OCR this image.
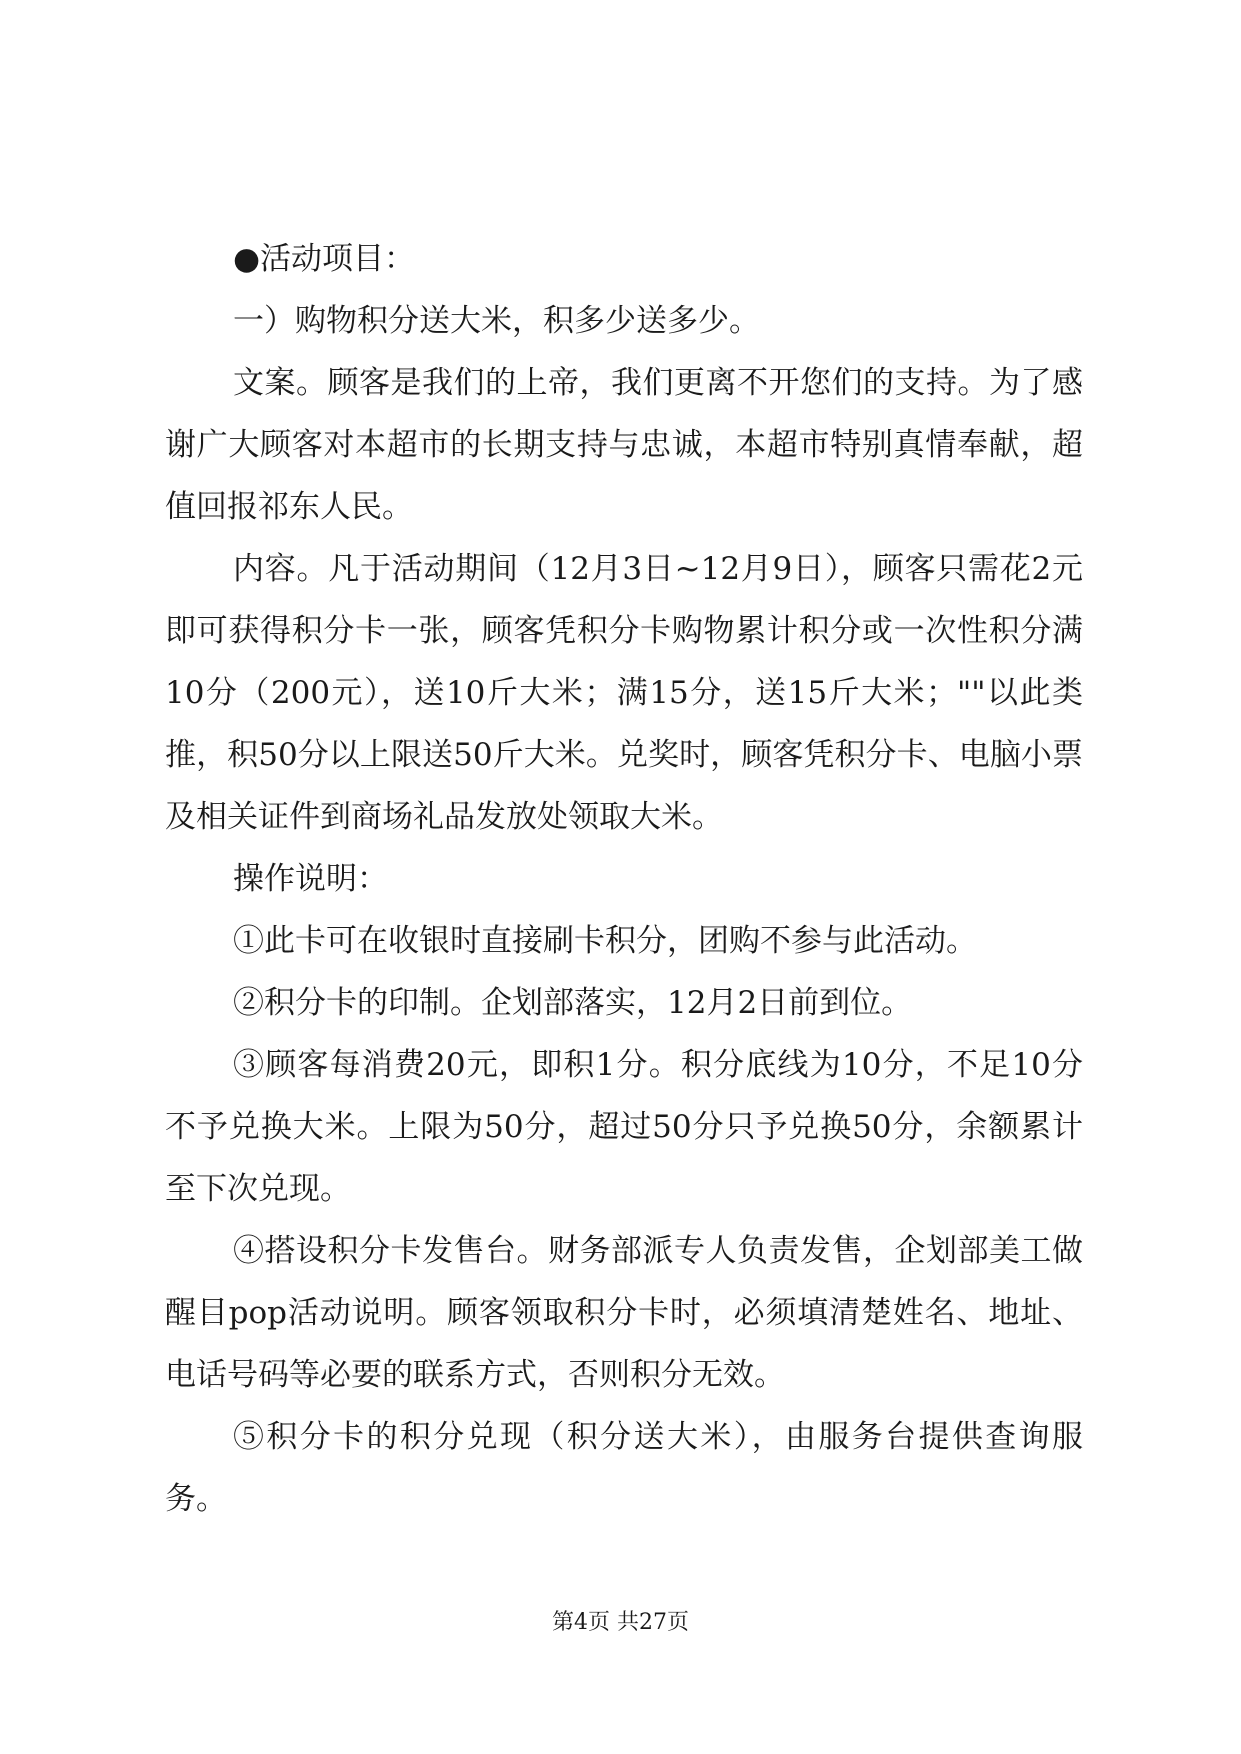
●活动项目：

一）购物积分送大米，积多少送多少。

文案。顾客是我们的上帝，我们更离不开您们的支持。为了感谢广大顾客对本超市的长期支持与忠诚，本超市特别真情奉献，超值回报祁东人民。

内容。凡于活动期间（12月3日~12月9日），顾客只需花2元即可获得积分卡一张，顾客凭积分卡购物累计积分或一次性积分满10分（200元），送10斤大米；满15分，送15斤大米；""以此类推，积50分以上限送50斤大米。兑奖时，顾客凭积分卡、电脑小票及相关证件到商场礼品发放处领取大米。

操作说明：

①此卡可在收银时直接刷卡积分，团购不参与此活动。

②积分卡的印制。企划部落实，12月2日前到位。

③顾客每消费20元，即积1分。积分底线为10分，不足10分不予兑换大米。上限为50分，超过50分只予兑换50分，余额累计至下次兑现。

④搭设积分卡发售台。财务部派专人负责发售，企划部美工做醒目pop活动说明。顾客领取积分卡时，必须填清楚姓名、地址、电话号码等必要的联系方式，否则积分无效。

⑤积分卡的积分兑现（积分送大米），由服务台提供查询服务。

第4页 共27页
